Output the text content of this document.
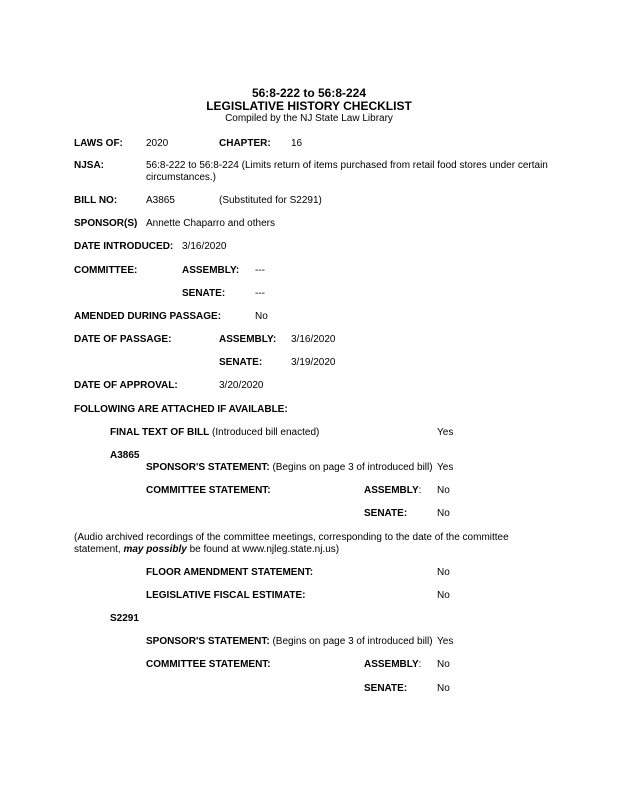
56:8-222 to 56:8-224
LEGISLATIVE HISTORY CHECKLIST
Compiled by the NJ State Law Library
LAWS OF: 2020	CHAPTER: 16
NJSA:	56:8-222 to 56:8-224 (Limits return of items purchased from retail food stores under certain
circumstances.)
BILL NO:	A3865	(Substituted for S2291)
SPONSOR(S) Annette Chaparro and others
DATE INTRODUCED: 3/16/2020
COMMITTEE:	ASSEMBLY: ---
SENATE:	---
AMENDED DURING PASSAGE:	No
DATE OF PASSAGE:	ASSEMBLY: 3/16/2020
SENATE:	3/19/2020
DATE OF APPROVAL:	3/20/2020
FOLLOWING ARE ATTACHED IF AVAILABLE:
FINAL TEXT OF BILL (Introduced bill enacted)	Yes
A3865
SPONSOR'S STATEMENT: (Begins on page 3 of introduced bill) Yes
COMMITTEE STATEMENT:	ASSEMBLY: No
SENATE:	No
(Audio archived recordings of the committee meetings, corresponding to the date of the committee
statement, may possibly be found at www.njleg.state.nj.us)
FLOOR AMENDMENT STATEMENT:	No
LEGISLATIVE FISCAL ESTIMATE:	No
S2291
SPONSOR'S STATEMENT: (Begins on page 3 of introduced bill) Yes
COMMITTEE STATEMENT:	ASSEMBLY: No
SENATE:	No
